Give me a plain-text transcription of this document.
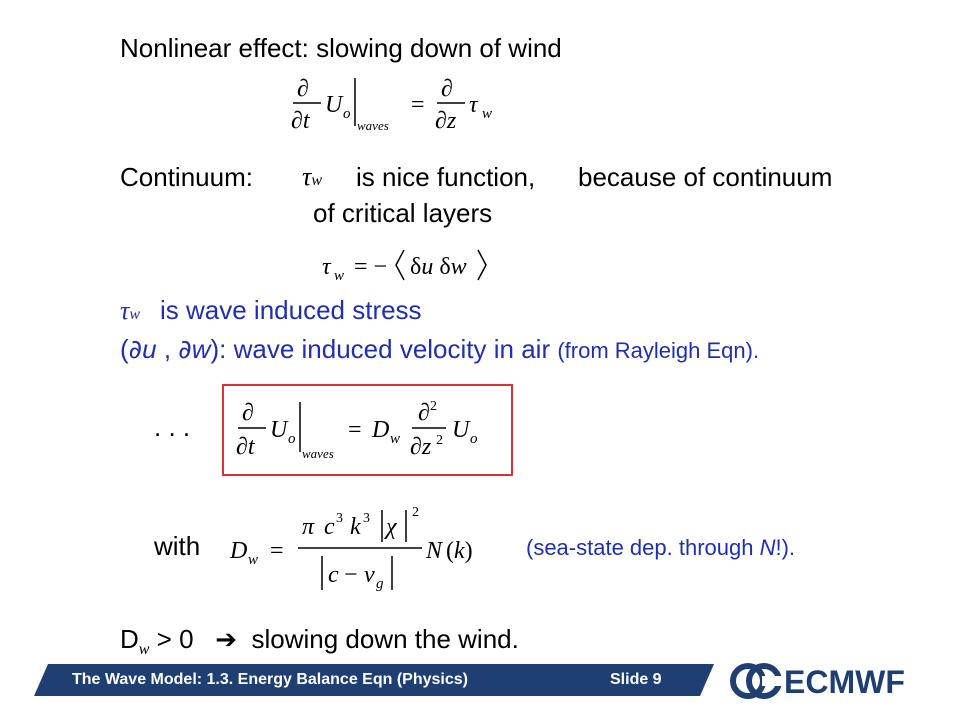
Nonlinear effect: slowing down of wind
∂
∂t
U o
waves
=
∂
∂z
τ w
Continuum: τw is nice function, because of continuum
of critical layers
τ w = − δu δw
τw is wave induced stress
(∂u , ∂w): wave induced velocity in air (from Rayleigh Eqn).
. . . ∂
∂t
U o
waves
= D w
∂ 2
∂z 2 U o
with D w =
π c 3 k 3 χ
2
c − v g
N (k) (sea-state dep. through N!).
$D_w > 0$ ➔ slowing down the wind.
The Wave Model: 1.3. Energy Balance Eqn (Physics)	Slide 9	ECMWF
